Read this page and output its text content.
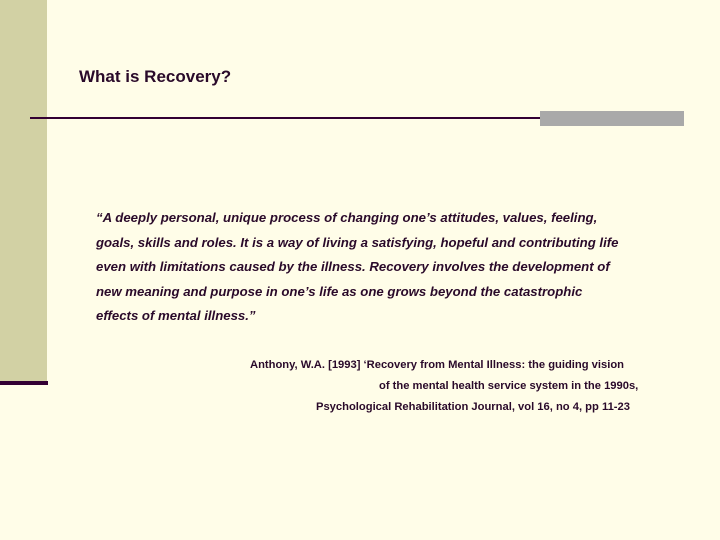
What is Recovery?
“A deeply personal, unique process of changing one’s attitudes, values, feeling,
goals, skills and roles. It is a way of living a satisfying, hopeful and contributing life
even with limitations caused by the illness. Recovery involves the development of
new meaning and purpose in one’s life as one grows beyond the catastrophic
effects of mental illness.”
Anthony, W.A. [1993] ‘Recovery from Mental Illness: the guiding vision
of the mental health service system in the 1990s,
Psychological Rehabilitation Journal, vol 16, no 4, pp 11-23
